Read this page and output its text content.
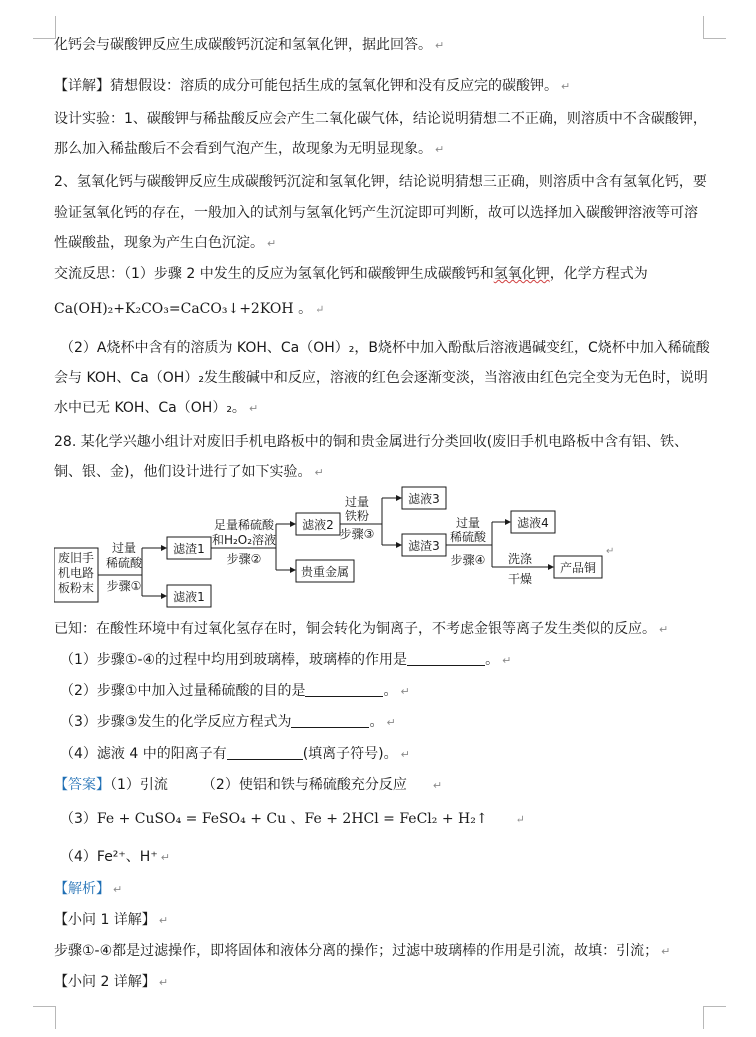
化钙会与碳酸钾反应生成碳酸钙沉淀和氢氧化钾，据此回答。 ↵
【详解】猜想假设：溶质的成分可能包括生成的氢氧化钾和没有反应完的碳酸钾。 ↵
设计实验：1、碳酸钾与稀盐酸反应会产生二氧化碳气体，结论说明猜想二不正确，则溶质中不含碳酸钾，
那么加入稀盐酸后不会看到气泡产生，故现象为无明显现象。 ↵
2、氢氧化钙与碳酸钾反应生成碳酸钙沉淀和氢氧化钾，结论说明猜想三正确，则溶质中含有氢氧化钙，要
验证氢氧化钙的存在，一般加入的试剂与氢氧化钙产生沉淀即可判断，故可以选择加入碳酸钾溶液等可溶
性碳酸盐，现象为产生白色沉淀。 ↵
交流反思：（1）步骤 2 中发生的反应为氢氧化钙和碳酸钾生成碳酸钙和氢氧化钾，化学方程式为
Ca(OH)₂+K₂CO₃=CaCO₃↓+2KOH 。 ↵
（2）A烧杯中含有的溶质为 KOH、Ca（OH）₂，B烧杯中加入酚酞后溶液遇碱变红，C烧杯中加入稀硫酸
会与 KOH、Ca（OH）₂发生酸碱中和反应，溶液的红色会逐渐变淡，当溶液由红色完全变为无色时，说明
水中已无 KOH、Ca（OH）₂。 ↵
28. 某化学兴趣小组计对废旧手机电路板中的铜和贵金属进行分类回收(废旧手机电路板中含有铝、铁、
铜、银、金)，他们设计进行了如下实验。 ↵
废旧手
机电路
板粉末
过量
稀硫酸
步骤①
滤渣1
滤液1
足量稀硫酸
和H₂O₂溶液
步骤②
滤液2
贵重金属
过量
铁粉
步骤③
滤液3
滤渣3
过量
稀硫酸
步骤④ 洗涤
干燥
滤液4
产品铜
↵
已知：在酸性环境中有过氧化氢存在时，铜会转化为铜离子，不考虑金银等离子发生类似的反应。 ↵
（1）步骤①-④的过程中均用到玻璃棒，玻璃棒的作用是	。 ↵
（2）步骤①中加入过量稀硫酸的目的是	。 ↵
（3）步骤③发生的化学反应方程式为	。 ↵
（4）滤液 4 中的阳离子有	(填离子符号)。 ↵
【答案】（1）引流 （2）使铝和铁与稀硫酸充分反应 ↵
（3）Fe + CuSO₄ = FeSO₄ + Cu 、Fe + 2HCl = FeCl₂ + H₂↑	↵
（4）Fe²⁺、H⁺ ↵
【解析】 ↵
【小问 1 详解】 ↵
步骤①-④都是过滤操作，即将固体和液体分离的操作；过滤中玻璃棒的作用是引流，故填：引流； ↵
【小问 2 详解】 ↵
